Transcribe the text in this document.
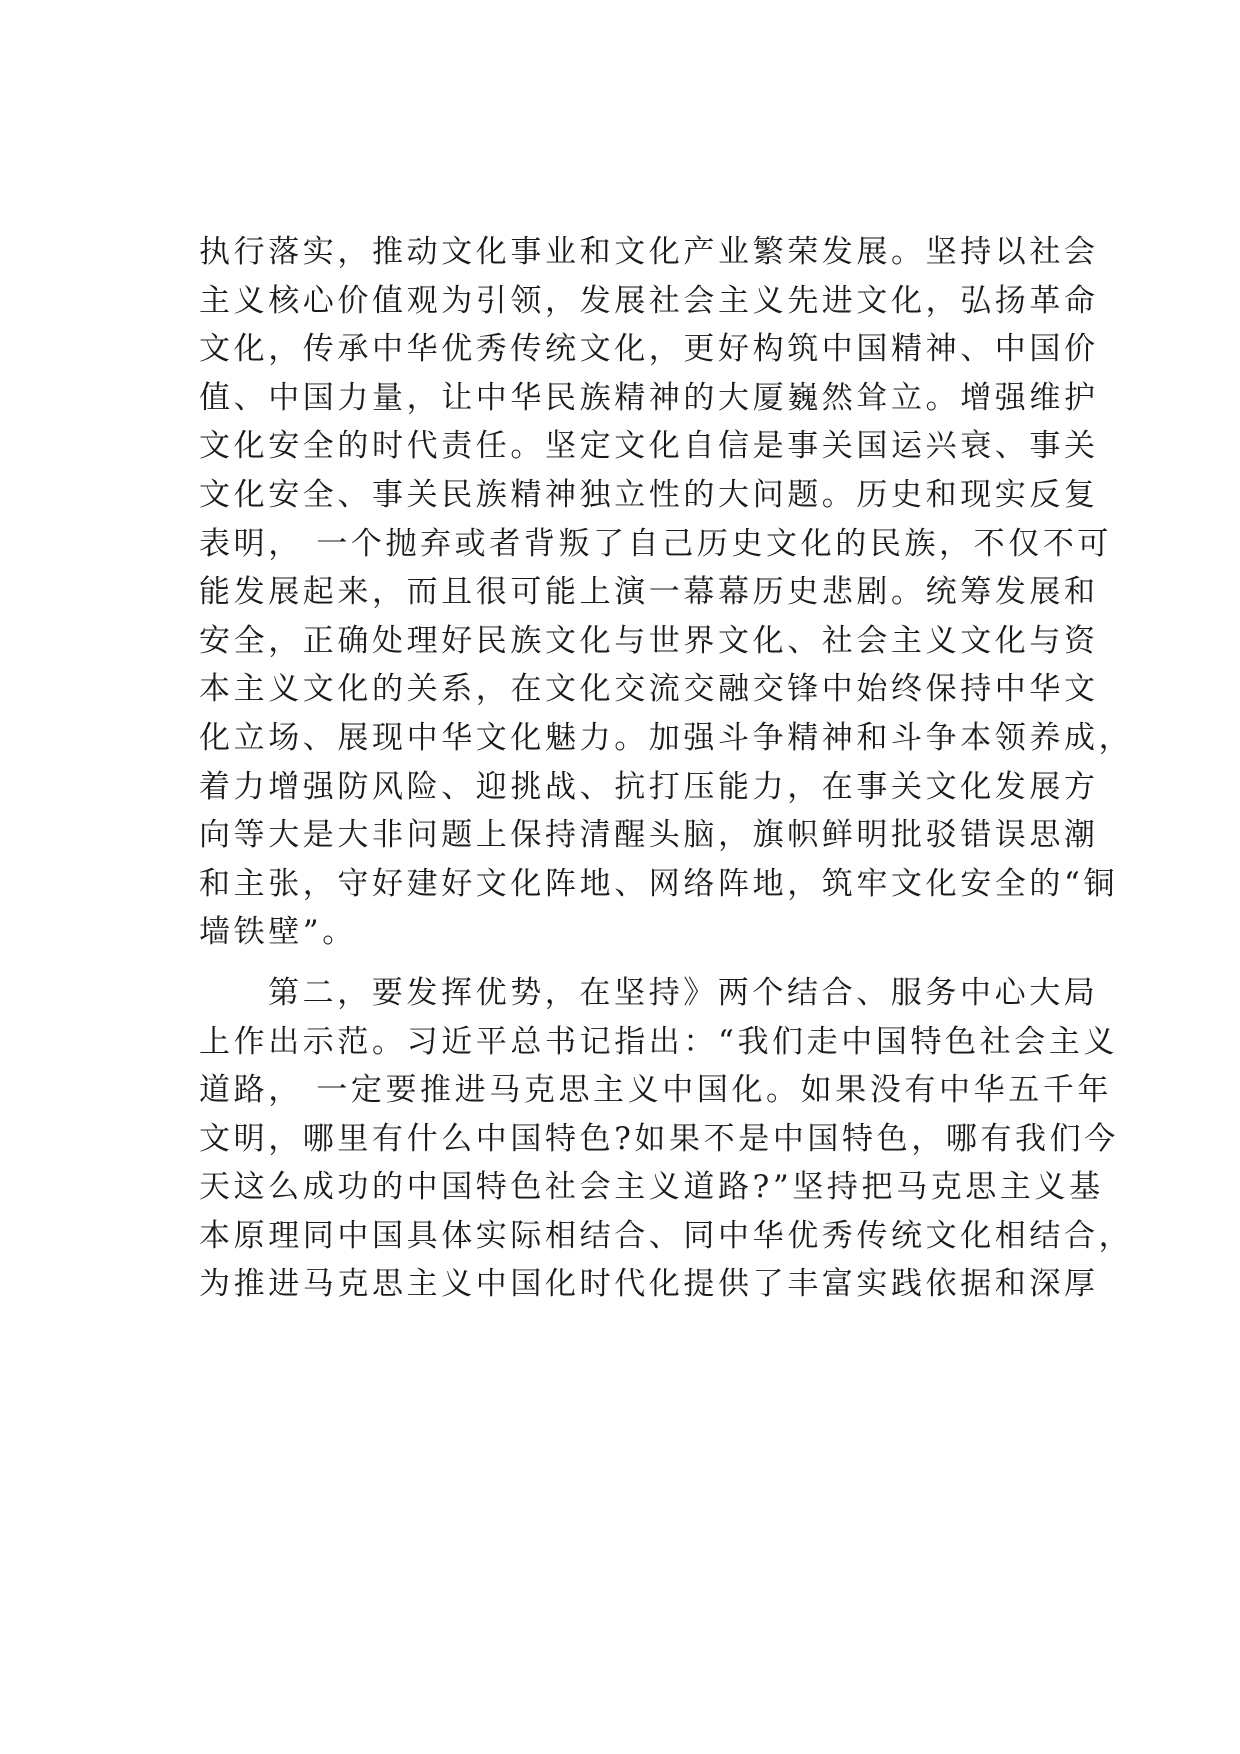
执行落实，推动文化事业和文化产业繁荣发展。坚持以社会
主义核心价值观为引领，发展社会主义先进文化，弘扬革命
文化，传承中华优秀传统文化，更好构筑中国精神、中国价
值、中国力量，让中华民族精神的大厦巍然耸立。增强维护
文化安全的时代责任。坚定文化自信是事关国运兴衰、事关
文化安全、事关民族精神独立性的大问题。历史和现实反复
表明， 一个抛弃或者背叛了自己历史文化的民族，不仅不可
能发展起来，而且很可能上演一幕幕历史悲剧。统筹发展和
安全，正确处理好民族文化与世界文化、社会主义文化与资
本主义文化的关系，在文化交流交融交锋中始终保持中华文
化立场、展现中华文化魅力。加强斗争精神和斗争本领养成，
着力增强防风险、迎挑战、抗打压能力，在事关文化发展方
向等大是大非问题上保持清醒头脑，旗帜鲜明批驳错误思潮
和主张，守好建好文化阵地、网络阵地，筑牢文化安全的“铜
墙铁壁”。
第二，要发挥优势，在坚持》两个结合、服务中心大局
上作出示范。习近平总书记指出：“我们走中国特色社会主义
道路， 一定要推进马克思主义中国化。如果没有中华五千年
文明，哪里有什么中国特色?如果不是中国特色，哪有我们今
天这么成功的中国特色社会主义道路?”坚持把马克思主义基
本原理同中国具体实际相结合、同中华优秀传统文化相结合，
为推进马克思主义中国化时代化提供了丰富实践依据和深厚
